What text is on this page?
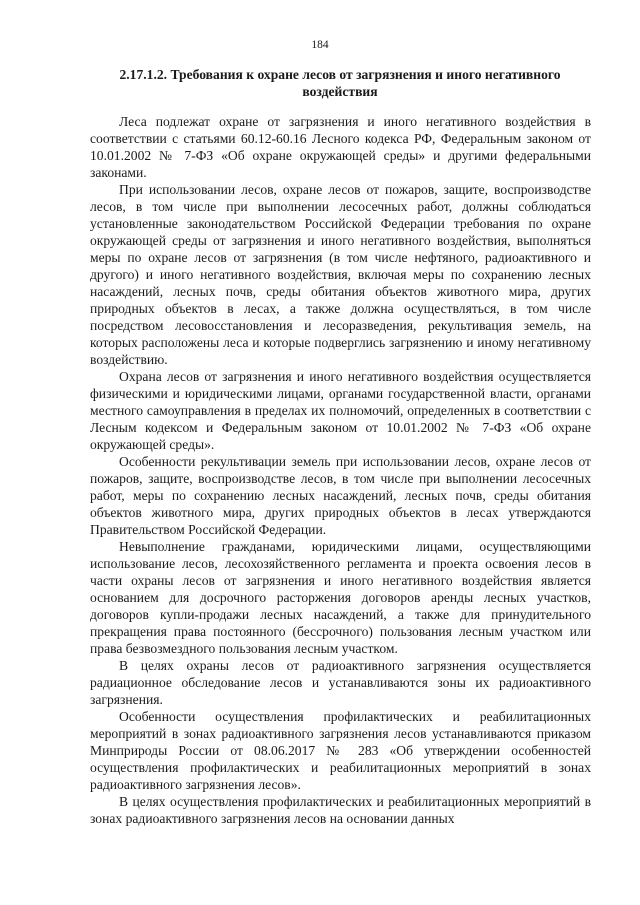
184
2.17.1.2. Требования к охране лесов от загрязнения и иного негативного воздействия

Леса подлежат охране от загрязнения и иного негативного воздействия в соответствии с статьями 60.12-60.16 Лесного кодекса РФ, Федеральным законом от 10.01.2002 № 7-ФЗ «Об охране окружающей среды» и другими федеральными законами.

При использовании лесов, охране лесов от пожаров, защите, воспроизводстве лесов, в том числе при выполнении лесосечных работ, должны соблюдаться установленные законодательством Российской Федерации требования по охране окружающей среды от загрязнения и иного негативного воздействия, выполняться меры по охране лесов от загрязнения (в том числе нефтяного, радиоактивного и другого) и иного негативного воздействия, включая меры по сохранению лесных насаждений, лесных почв, среды обитания объектов животного мира, других природных объектов в лесах, а также должна осуществляться, в том числе посредством лесовосстановления и лесоразведения, рекультивация земель, на которых расположены леса и которые подверглись загрязнению и иному негативному воздействию.

Охрана лесов от загрязнения и иного негативного воздействия осуществляется физическими и юридическими лицами, органами государственной власти, органами местного самоуправления в пределах их полномочий, определенных в соответствии с Лесным кодексом и Федеральным законом от 10.01.2002 № 7-ФЗ «Об охране окружающей среды».

Особенности рекультивации земель при использовании лесов, охране лесов от пожаров, защите, воспроизводстве лесов, в том числе при выполнении лесосечных работ, меры по сохранению лесных насаждений, лесных почв, среды обитания объектов животного мира, других природных объектов в лесах утверждаются Правительством Российской Федерации.

Невыполнение гражданами, юридическими лицами, осуществляющими использование лесов, лесохозяйственного регламента и проекта освоения лесов в части охраны лесов от загрязнения и иного негативного воздействия является основанием для досрочного расторжения договоров аренды лесных участков, договоров купли-продажи лесных насаждений, а также для принудительного прекращения права постоянного (бессрочного) пользования лесным участком или права безвозмездного пользования лесным участком.

В целях охраны лесов от радиоактивного загрязнения осуществляется радиационное обследование лесов и устанавливаются зоны их радиоактивного загрязнения.

Особенности осуществления профилактических и реабилитационных мероприятий в зонах радиоактивного загрязнения лесов устанавливаются приказом Минприроды России от 08.06.2017 № 283 «Об утверждении особенностей осуществления профилактических и реабилитационных мероприятий в зонах радиоактивного загрязнения лесов».

В целях осуществления профилактических и реабилитационных мероприятий в зонах радиоактивного загрязнения лесов на основании данных
